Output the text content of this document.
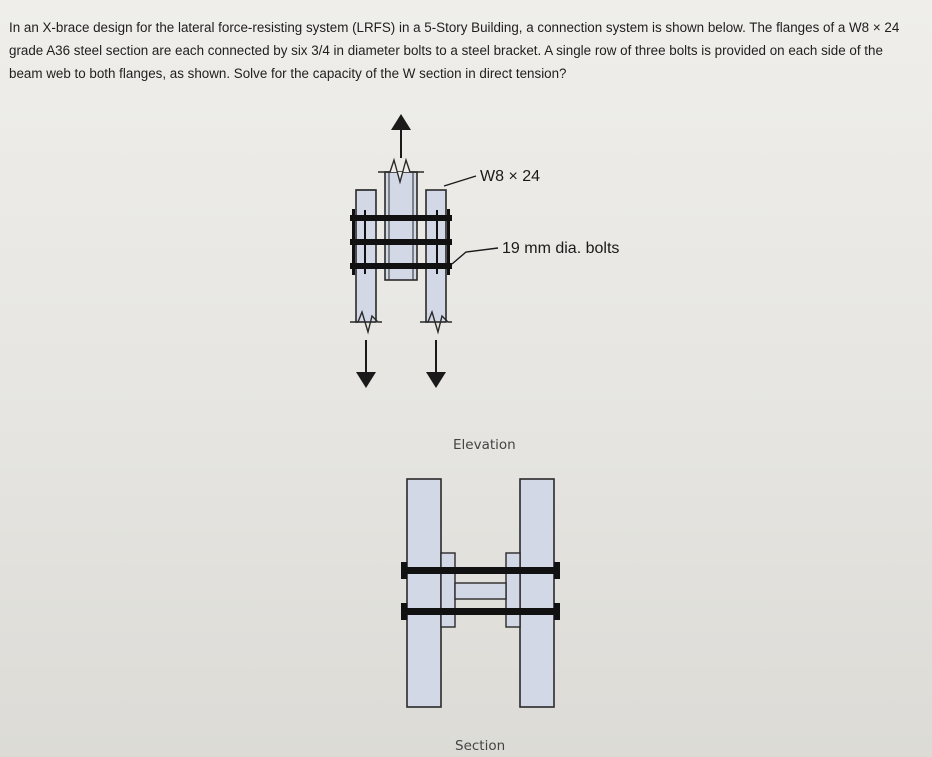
In an X-brace design for the lateral force-resisting system (LRFS) in a 5-Story Building, a connection system is shown below. The flanges of a W8 × 24
grade A36 steel section are each connected by six 3/4 in diameter bolts to a steel bracket. A single row of three bolts is provided on each side of the
beam web to both flanges, as shown. Solve for the capacity of the W section in direct tension?

W8 × 24
19 mm dia. bolts
Elevation
Section
